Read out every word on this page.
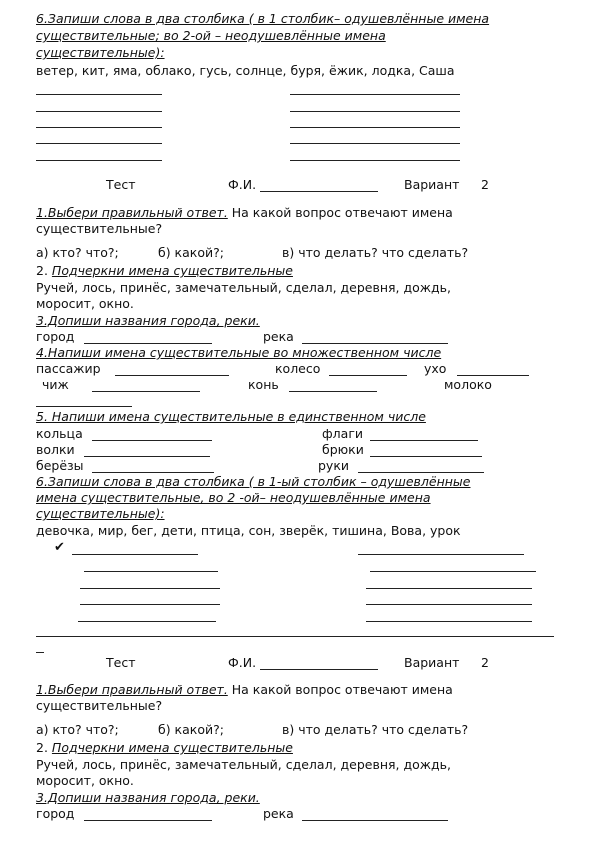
6.Запиши слова в два столбика ( в 1 столбик– одушевлённые имена
существительные; во 2-ой – неодушевлённые имена
существительные):
ветер, кит, яма, облако, гусь, солнце, буря, ёжик, лодка, Саша
Тест	Ф.И.	Вариант 2
1.Выбери правильный ответ. На какой вопрос отвечают имена
существительные?
а) кто? что?;	б) какой?;	в) что делать? что сделать?
2. Подчеркни имена существительные
Ручей, лось, принёс, замечательный, сделал, деревня, дождь,
моросит, окно.
3.Допиши названия города, реки.
город	река
4.Напиши имена существительные во множественном числе
пассажир	колесо	ухо
чиж	конь	молоко
5. Напиши имена существительные в единственном числе
кольца	флаги
волки	брюки
берёзы	руки
6.Запиши слова в два столбика ( в 1-ый столбик – одушевлённые
имена существительные, во 2 -ой– неодушевлённые имена
существительные):
девочка, мир, бег, дети, птица, сон, зверёк, тишина, Вова, урок
✔
Тест	Ф.И.	Вариант 2
1.Выбери правильный ответ. На какой вопрос отвечают имена
существительные?
а) кто? что?;	б) какой?;	в) что делать? что сделать?
2. Подчеркни имена существительные
Ручей, лось, принёс, замечательный, сделал, деревня, дождь,
моросит, окно.
3.Допиши названия города, реки.
город	река
